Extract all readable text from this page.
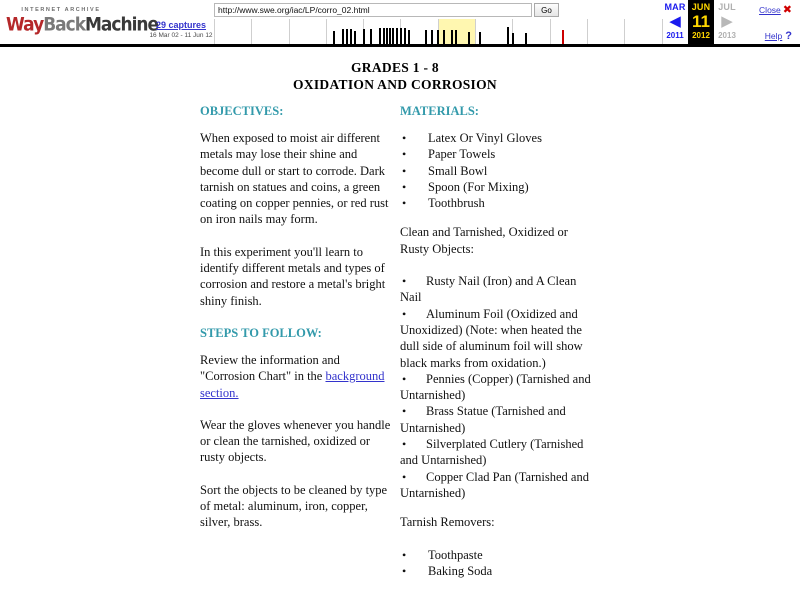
INTERNET ARCHIVE
WayBackMachine
29 captures
16 Mar 02 - 11 Jun 12
http://www.swe.org/iac/LP/corro_02.html
Go	MAR
◀
2011
JUN
11
2012
JUL
▶
2013
Close ✖
Help ?
GRADES 1 - 8
OXIDATION AND CORROSION
OBJECTIVES:

When exposed to moist air different metals may lose their shine and become dull or start to corrode. Dark tarnish on statues and coins, a green coating on copper pennies, or red rust on iron nails may form.

In this experiment you'll learn to identify different metals and types of corrosion and restore a metal's bright shiny finish.

STEPS TO FOLLOW:

Review the information and "Corrosion Chart" in the background section.

Wear the gloves whenever you handle or clean the tarnished, oxidized or rusty objects.

Sort the objects to be cleaned by type of metal: aluminum, iron, copper, silver, brass.

MATERIALS:
• Latex Or Vinyl Gloves
• Paper Towels
• Small Bowl
• Spoon (For Mixing)
• Toothbrush

Clean and Tarnished, Oxidized or Rusty Objects:

•Rusty Nail (Iron) and A Clean Nail
•Aluminum Foil (Oxidized and Unoxidized) (Note: when heated the dull side of aluminum foil will show black marks from oxidation.)
•Pennies (Copper) (Tarnished and Untarnished)
•Brass Statue (Tarnished and Untarnished)
•Silverplated Cutlery (Tarnished and Untarnished)
•Copper Clad Pan (Tarnished and Untarnished)

Tarnish Removers:

• Toothpaste
• Baking Soda
